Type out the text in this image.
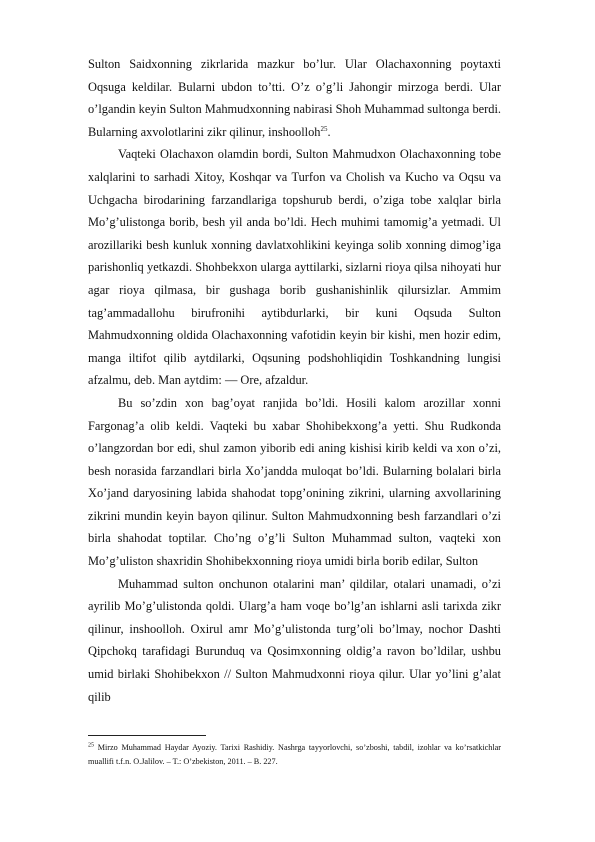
Sulton Saidxonning zikrlarida mazkur bo’lur. Ular Olachaxonning poytaxti Oqsuga keldilar. Bularni ubdon to’tti. O’z o’g’li Jahongir mirzoga berdi. Ular o’lgandin keyin Sulton Mahmudxonning nabirasi Shoh Muhammad sultonga berdi. Bularning axvolotlarini zikr qilinur, inshoolloh$^{25}$.

Vaqteki Olachaxon olamdin bordi, Sulton Mahmudxon Olachaxonning tobe xalqlarini to sarhadi Xitoy, Koshqar va Turfon va Cholish va Kucho va Oqsu va Uchgacha birodarining farzandlariga topshurub berdi, o’ziga tobe xalqlar birla Mo’g’ulistonga borib, besh yil anda bo’ldi. Hech muhimi tamomig’a yetmadi. Ul arozillariki besh kunluk xonning davlatxohlikini keyinga solib xonning dimog’iga parishonliq yetkazdi. Shohbekxon ularga ayttilarki, sizlarni rioya qilsa nihoyati hur agar rioya qilmasa, bir gushaga borib gushanishinlik qilursizlar. Ammim tag’ammadallohu birufronihi aytibdurlarki, bir kuni Oqsuda Sulton Mahmudxonning oldida Olachaxonning vafotidin keyin bir kishi, men hozir edim, manga iltifot qilib aytdilarki, Oqsuning podshohliqidin Toshkandning lungisi afzalmu, deb. Man aytdim: — Ore, afzaldur.

Bu so’zdin xon bag’oyat ranjida bo’ldi. Hosili kalom arozillar xonni Fargonag’a olib keldi. Vaqteki bu xabar Shohibekxong’a yetti. Shu Rudkonda o’langzordan bor edi, shul zamon yiborib edi aning kishisi kirib keldi va xon o’zi, besh norasida farzandlari birla Xo’jandda muloqat bo’ldi. Bularning bolalari birla Xo’jand daryosining labida shahodat topg’onining zikrini, ularning axvollarining zikrini mundin keyin bayon qilinur. Sulton Mahmudxonning besh farzandlari o’zi birla shahodat toptilar. Cho’ng o’g’li Sulton Muhammad sulton, vaqteki xon Mo’g’uliston shaxridin Shohibekxonning rioya umidi birla borib edilar, Sulton

Muhammad sulton onchunon otalarini man’ qildilar, otalari unamadi, o’zi ayrilib Mo’g’ulistonda qoldi. Ularg’a ham voqe bo’lg’an ishlarni asli tarixda zikr qilinur, inshoolloh. Oxirul amr Mo’g’ulistonda turg’oli bo’lmay, nochor Dashti Qipchokq tarafidagi Burunduq va Qosimxonning oldig’a ravon bo’ldilar, ushbu umid birlaki Shohibekxon // Sulton Mahmudxonni rioya qilur. Ular yo’lini g’alat qilib

$^{25}$ Mirzo Muhammad Haydar Ayoziy. Tarixi Rashidiy. Nashrga tayyorlovchi, so’zboshi, tabdil, izohlar va ko’rsatkichlar muallifi t.f.n. O.Jalilov. – T.: O’zbekiston, 2011. – B. 227.
